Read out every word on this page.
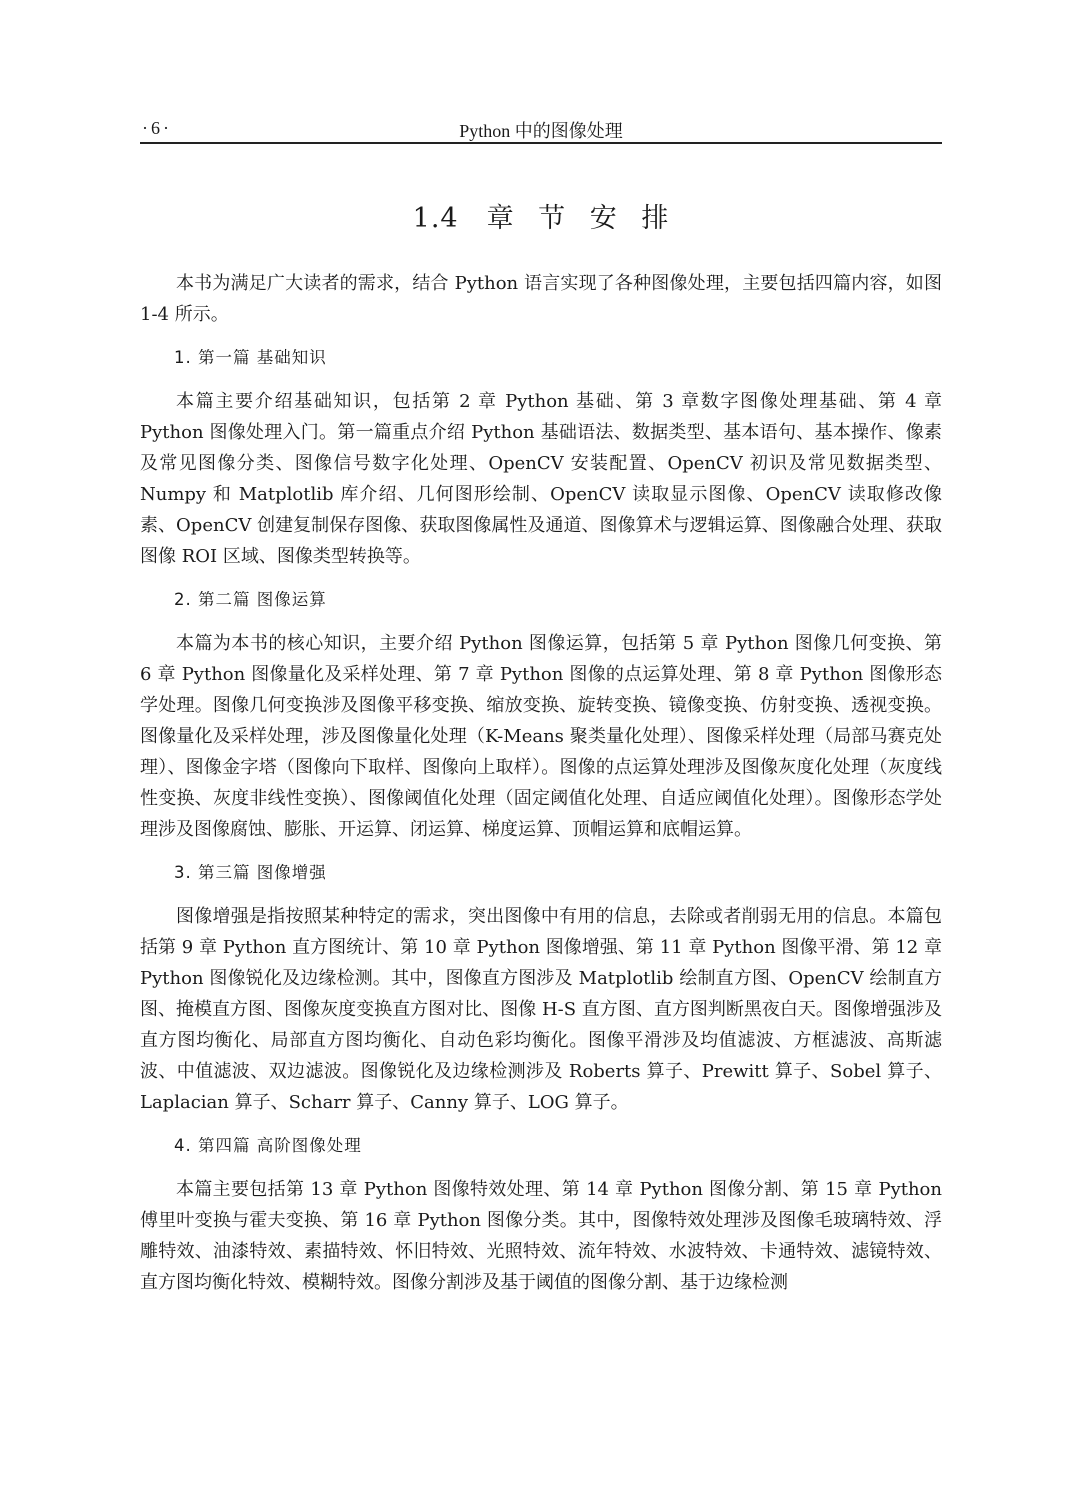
·6·	Python 中的图像处理
1.4　章 节 安 排

本书为满足广大读者的需求，结合 Python 语言实现了各种图像处理，主要包括四篇内容，如图 1-4 所示。

1. 第一篇 基础知识

本篇主要介绍基础知识，包括第 2 章 Python 基础、第 3 章数字图像处理基础、第 4 章 Python 图像处理入门。第一篇重点介绍 Python 基础语法、数据类型、基本语句、基本操作、像素及常见图像分类、图像信号数字化处理、OpenCV 安装配置、OpenCV 初识及常见数据类型、Numpy 和 Matplotlib 库介绍、几何图形绘制、OpenCV 读取显示图像、OpenCV 读取修改像素、OpenCV 创建复制保存图像、获取图像属性及通道、图像算术与逻辑运算、图像融合处理、获取图像 ROI 区域、图像类型转换等。

2. 第二篇 图像运算

本篇为本书的核心知识，主要介绍 Python 图像运算，包括第 5 章 Python 图像几何变换、第 6 章 Python 图像量化及采样处理、第 7 章 Python 图像的点运算处理、第 8 章 Python 图像形态学处理。图像几何变换涉及图像平移变换、缩放变换、旋转变换、镜像变换、仿射变换、透视变换。图像量化及采样处理，涉及图像量化处理（K-Means 聚类量化处理）、图像采样处理（局部马赛克处理）、图像金字塔（图像向下取样、图像向上取样）。图像的点运算处理涉及图像灰度化处理（灰度线性变换、灰度非线性变换）、图像阈值化处理（固定阈值化处理、自适应阈值化处理）。图像形态学处理涉及图像腐蚀、膨胀、开运算、闭运算、梯度运算、顶帽运算和底帽运算。

3. 第三篇 图像增强

图像增强是指按照某种特定的需求，突出图像中有用的信息，去除或者削弱无用的信息。本篇包括第 9 章 Python 直方图统计、第 10 章 Python 图像增强、第 11 章 Python 图像平滑、第 12 章 Python 图像锐化及边缘检测。其中，图像直方图涉及 Matplotlib 绘制直方图、OpenCV 绘制直方图、掩模直方图、图像灰度变换直方图对比、图像 H-S 直方图、直方图判断黑夜白天。图像增强涉及直方图均衡化、局部直方图均衡化、自动色彩均衡化。图像平滑涉及均值滤波、方框滤波、高斯滤波、中值滤波、双边滤波。图像锐化及边缘检测涉及 Roberts 算子、Prewitt 算子、Sobel 算子、Laplacian 算子、Scharr 算子、Canny 算子、LOG 算子。

4. 第四篇 高阶图像处理

本篇主要包括第 13 章 Python 图像特效处理、第 14 章 Python 图像分割、第 15 章 Python 傅里叶变换与霍夫变换、第 16 章 Python 图像分类。其中，图像特效处理涉及图像毛玻璃特效、浮雕特效、油漆特效、素描特效、怀旧特效、光照特效、流年特效、水波特效、卡通特效、滤镜特效、直方图均衡化特效、模糊特效。图像分割涉及基于阈值的图像分割、基于边缘检测
